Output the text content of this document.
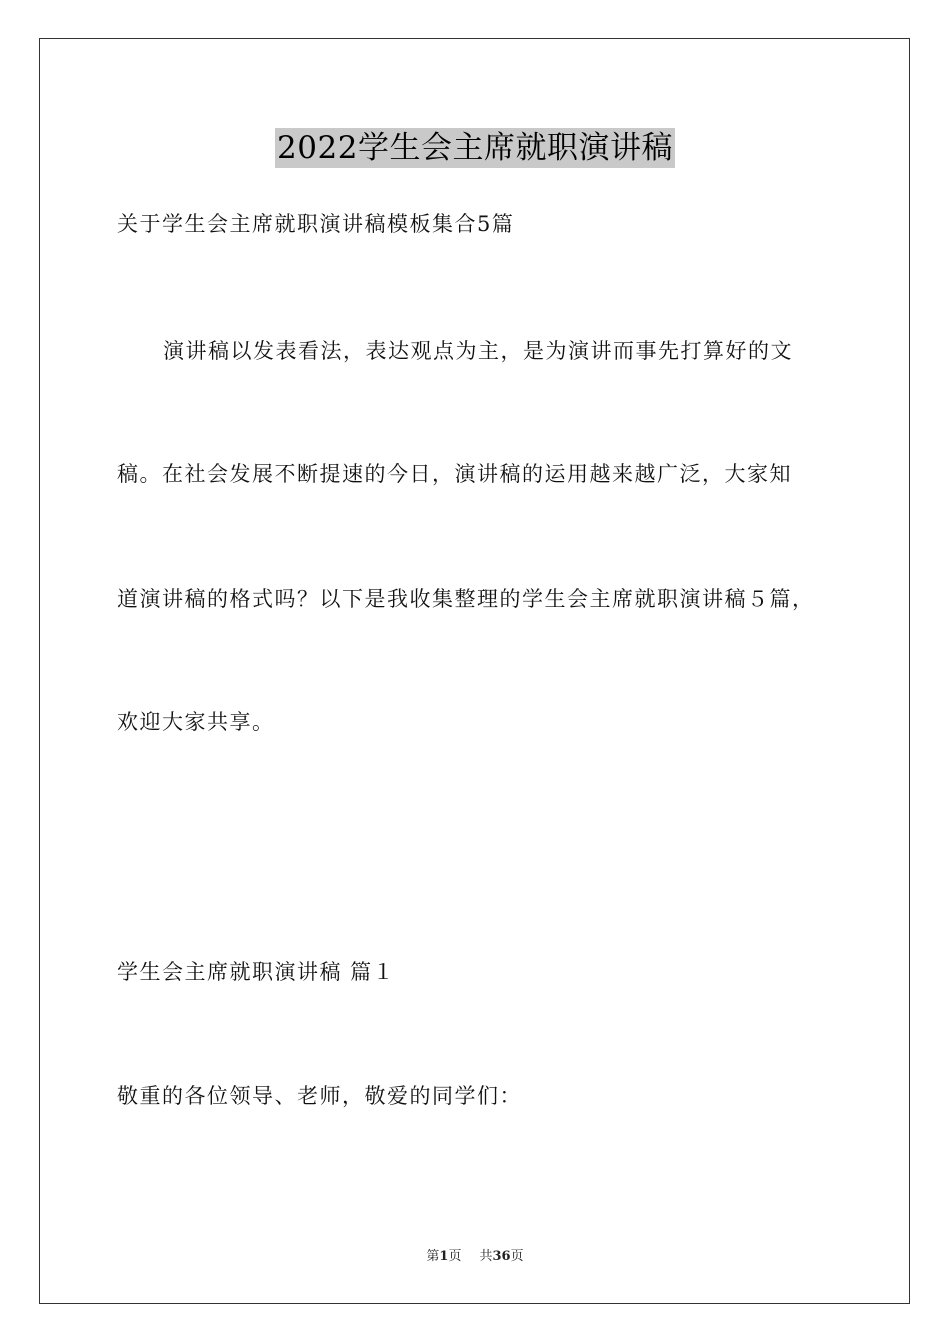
2022学生会主席就职演讲稿
关于学生会主席就职演讲稿模板集合5篇
演讲稿以发表看法，表达观点为主，是为演讲而事先打算好的文
稿。在社会发展不断提速的今日，演讲稿的运用越来越广泛，大家知
道演讲稿的格式吗？以下是我收集整理的学生会主席就职演讲稿５篇，
欢迎大家共享。
学生会主席就职演讲稿 篇１
敬重的各位领导、老师，敬爱的同学们：
第1页 共36页
